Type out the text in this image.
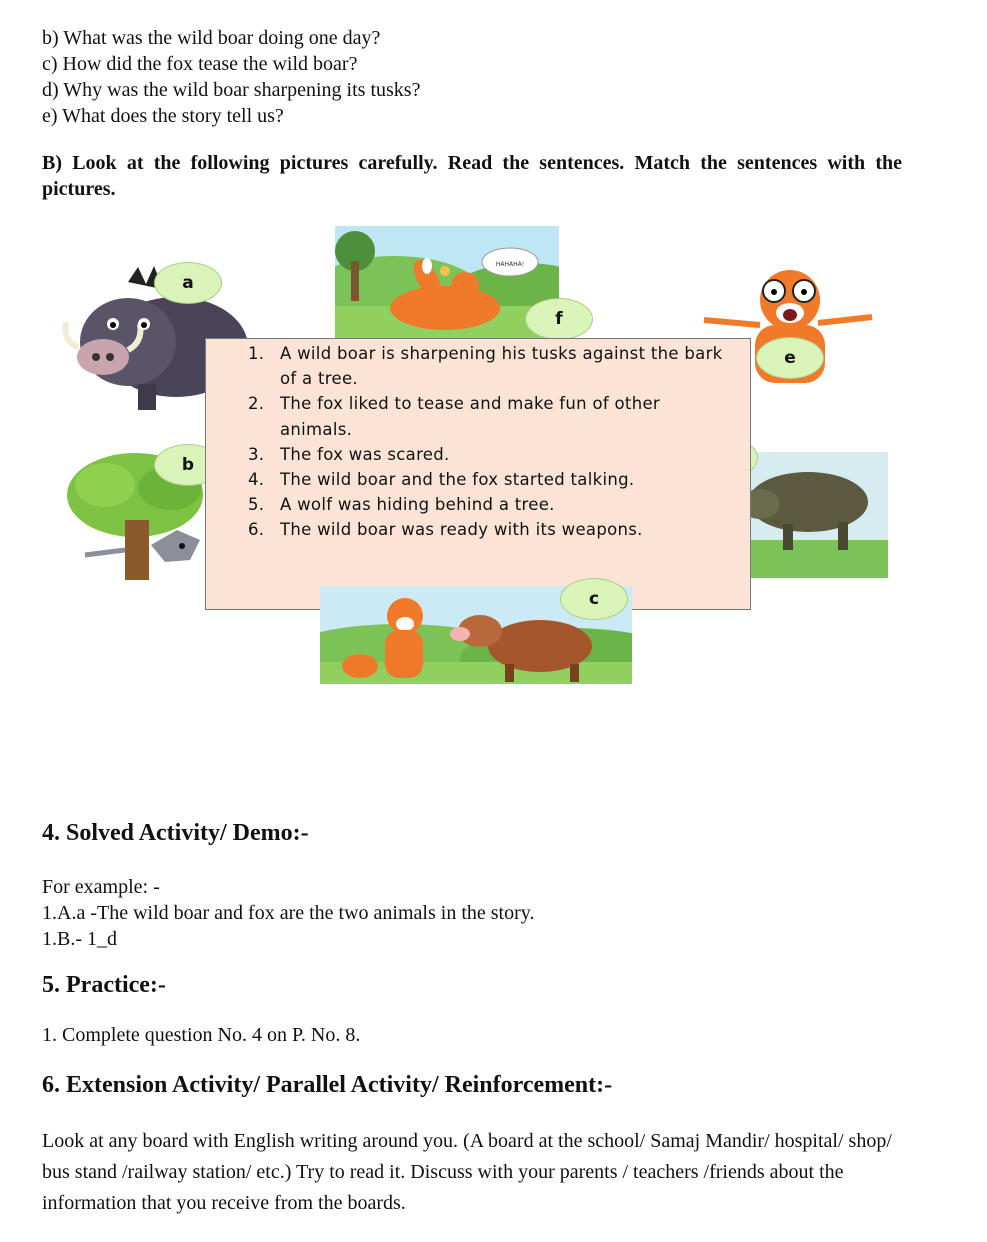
b) What was the wild boar doing one day?
c) How did the fox tease the wild boar?
d) Why was the wild boar sharpening its tusks?
e) What does the story tell us?
B) Look at the following pictures carefully. Read the sentences. Match the sentences with the pictures.
HAHAHA!
f
a
e
b
1. A wild boar is sharpening his tusks against the bark of a tree.
2. The fox liked to tease and make fun of other animals.
3. The fox was scared.
4. The wild boar and the fox started talking.
5. A wolf was hiding behind a tree.
6. The wild boar was ready with its weapons.
c
4. Solved Activity/ Demo:-
For example: -
1.A.a -The wild boar and fox are the two animals in the story.
1.B.- 1_d
5. Practice:-
1. Complete question No. 4 on P. No. 8.
6. Extension Activity/ Parallel Activity/ Reinforcement:-
Look at any board with English writing around you. (A board at the school/ Samaj Mandir/ hospital/ shop/ bus stand /railway station/ etc.) Try to read it. Discuss with your parents / teachers /friends about the information that you receive from the boards.
